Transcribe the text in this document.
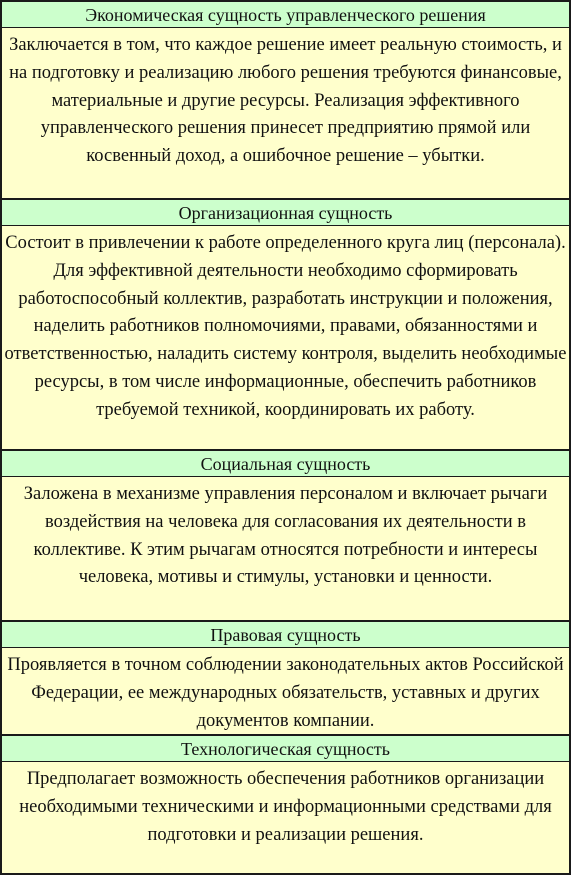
Экономическая сущность управленческого решения
Заключается в том, что каждое решение имеет реальную стоимость, и на подготовку и реализацию любого решения требуются финансовые, материальные и другие ресурсы. Реализация эффективного управленческого решения принесет предприятию прямой или косвенный доход, а ошибочное решение – убытки.
Организационная сущность
Состоит в привлечении к работе определенного круга лиц (персонала). Для эффективной деятельности необходимо сформировать работоспособный коллектив, разработать инструкции и положения, наделить работников полномочиями, правами, обязанностями и ответственностью, наладить систему контроля, выделить необходимые ресурсы, в том числе информационные, обеспечить работников требуемой техникой, координировать их работу.
Социальная сущность
Заложена в механизме управления персоналом и включает рычаги воздействия на человека для согласования их деятельности в коллективе. К этим рычагам относятся потребности и интересы человека, мотивы и стимулы, установки и ценности.
Правовая сущность
Проявляется в точном соблюдении законодательных актов Российской Федерации, ее международных обязательств, уставных и других документов компании.
Технологическая сущность
Предполагает возможность обеспечения работников организации необходимыми техническими и информационными средствами для подготовки и реализации решения.
